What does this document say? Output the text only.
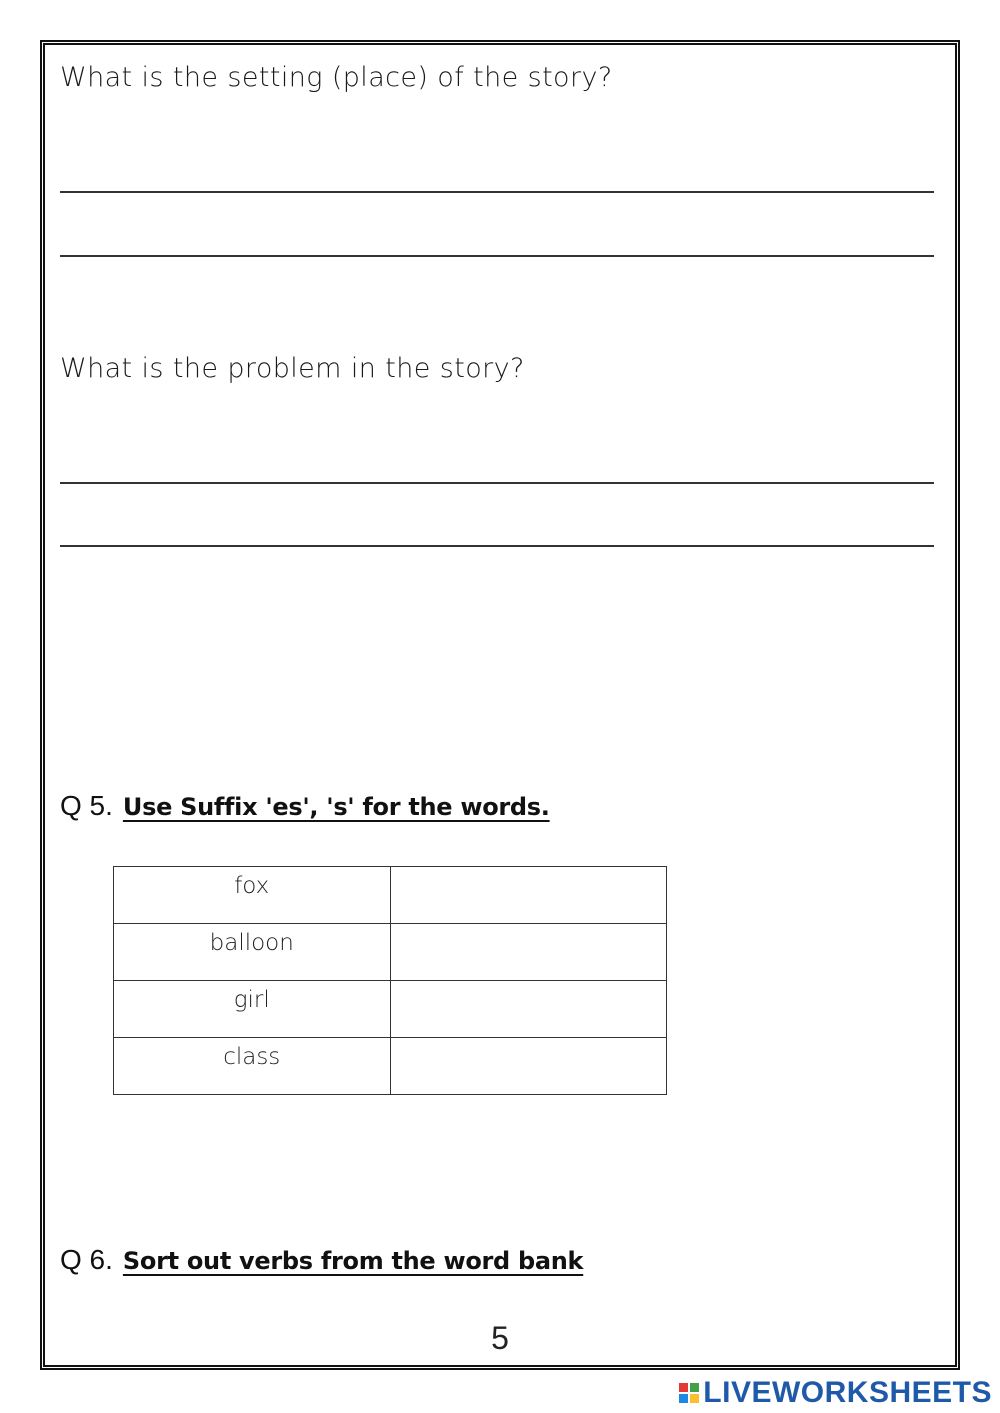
What is the setting (place) of the story?
What is the problem in the story?
Q 5. Use Suffix 'es', 's' for the words.
fox	
balloon	
girl	
class	
Q 6. Sort out verbs from the word bank
5
LIVEWORKSHEETS
